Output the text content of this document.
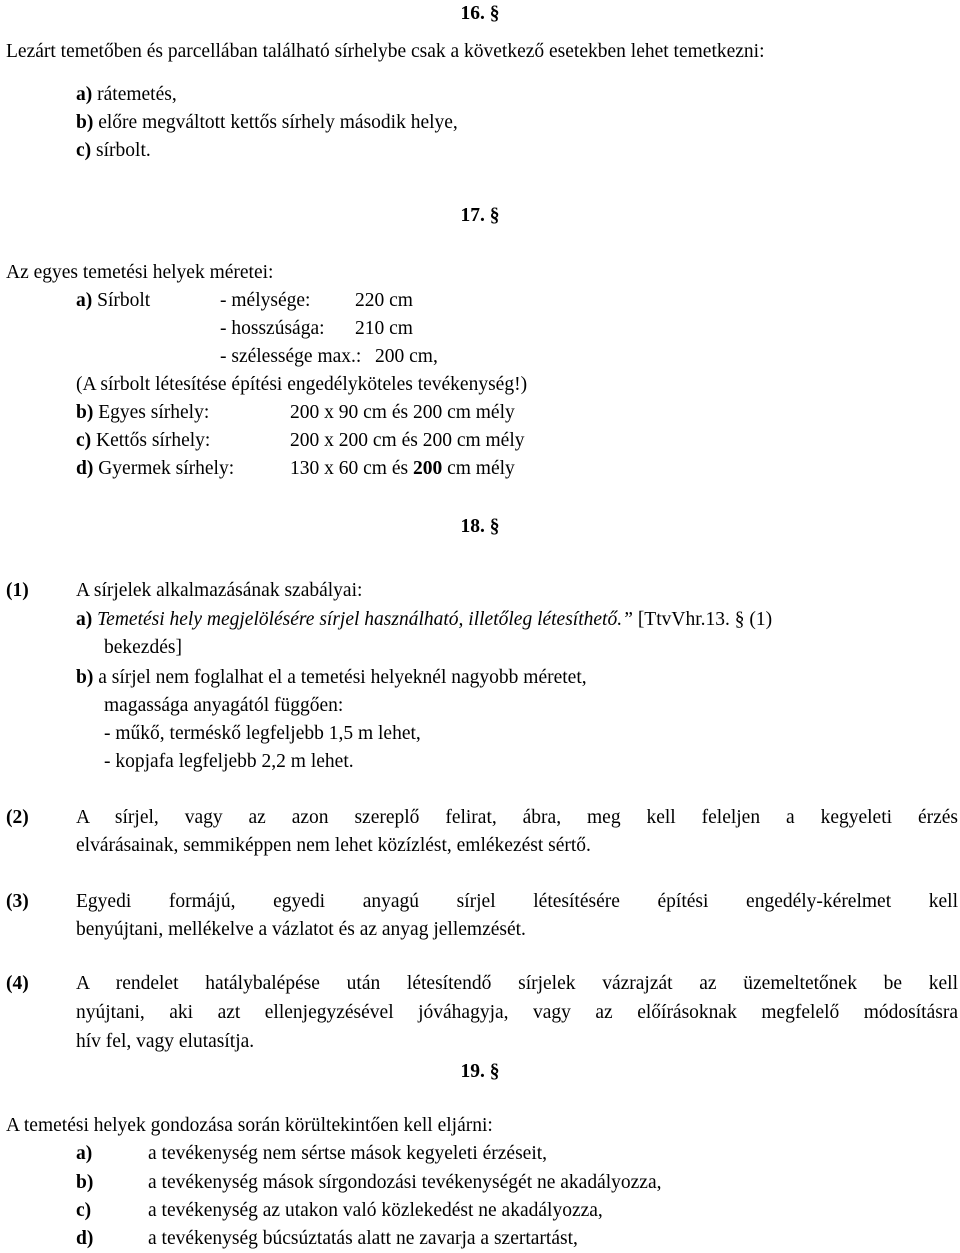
16. §
Lezárt temetőben és parcellában található sírhelybe csak a következő esetekben lehet temetkezni:
a) rátemetés,
b) előre megváltott kettős sírhely második helye,
c) sírbolt.
17. §
Az egyes temetési helyek méretei:
a) Sírbolt	- mélysége: 220 cm
- hosszúsága: 210 cm
- szélessége max.: 200 cm,
(A sírbolt létesítése építési engedélyköteles tevékenység!)
b) Egyes sírhely:	200 x 90 cm és 200 cm mély
c) Kettős sírhely:	200 x 200 cm és 200 cm mély
d) Gyermek sírhely:	130 x 60 cm és 200 cm mély
18. §
(1) A sírjelek alkalmazásának szabályai:
a) Temetési hely megjelölésére sírjel használható, illetőleg létesíthető.” [TtvVhr.13. § (1)
bekezdés]
b) a sírjel nem foglalhat el a temetési helyeknél nagyobb méretet,
magassága anyagától függően:
- műkő, terméskő legfeljebb 1,5 m lehet,
- kopjafa legfeljebb 2,2 m lehet.
(2) A sírjel, vagy az azon szereplő felirat, ábra, meg kell feleljen a kegyeleti érzés
elvárásainak, semmiképpen nem lehet közízlést, emlékezést sértő.
(3) Egyedi formájú, egyedi anyagú sírjel létesítésére építési engedély-kérelmet kell
benyújtani, mellékelve a vázlatot és az anyag jellemzését.
(4) A rendelet hatálybalépése után létesítendő sírjelek vázrajzát az üzemeltetőnek be kell
nyújtani, aki azt ellenjegyzésével jóváhagyja, vagy az előírásoknak megfelelő módosításra
hív fel, vagy elutasítja.
19. §
A temetési helyek gondozása során körültekintően kell eljárni:
a)	a tevékenység nem sértse mások kegyeleti érzéseit,
b)	a tevékenység mások sírgondozási tevékenységét ne akadályozza,
c)	a tevékenység az utakon való közlekedést ne akadályozza,
d)	a tevékenység búcsúztatás alatt ne zavarja a szertartást,
